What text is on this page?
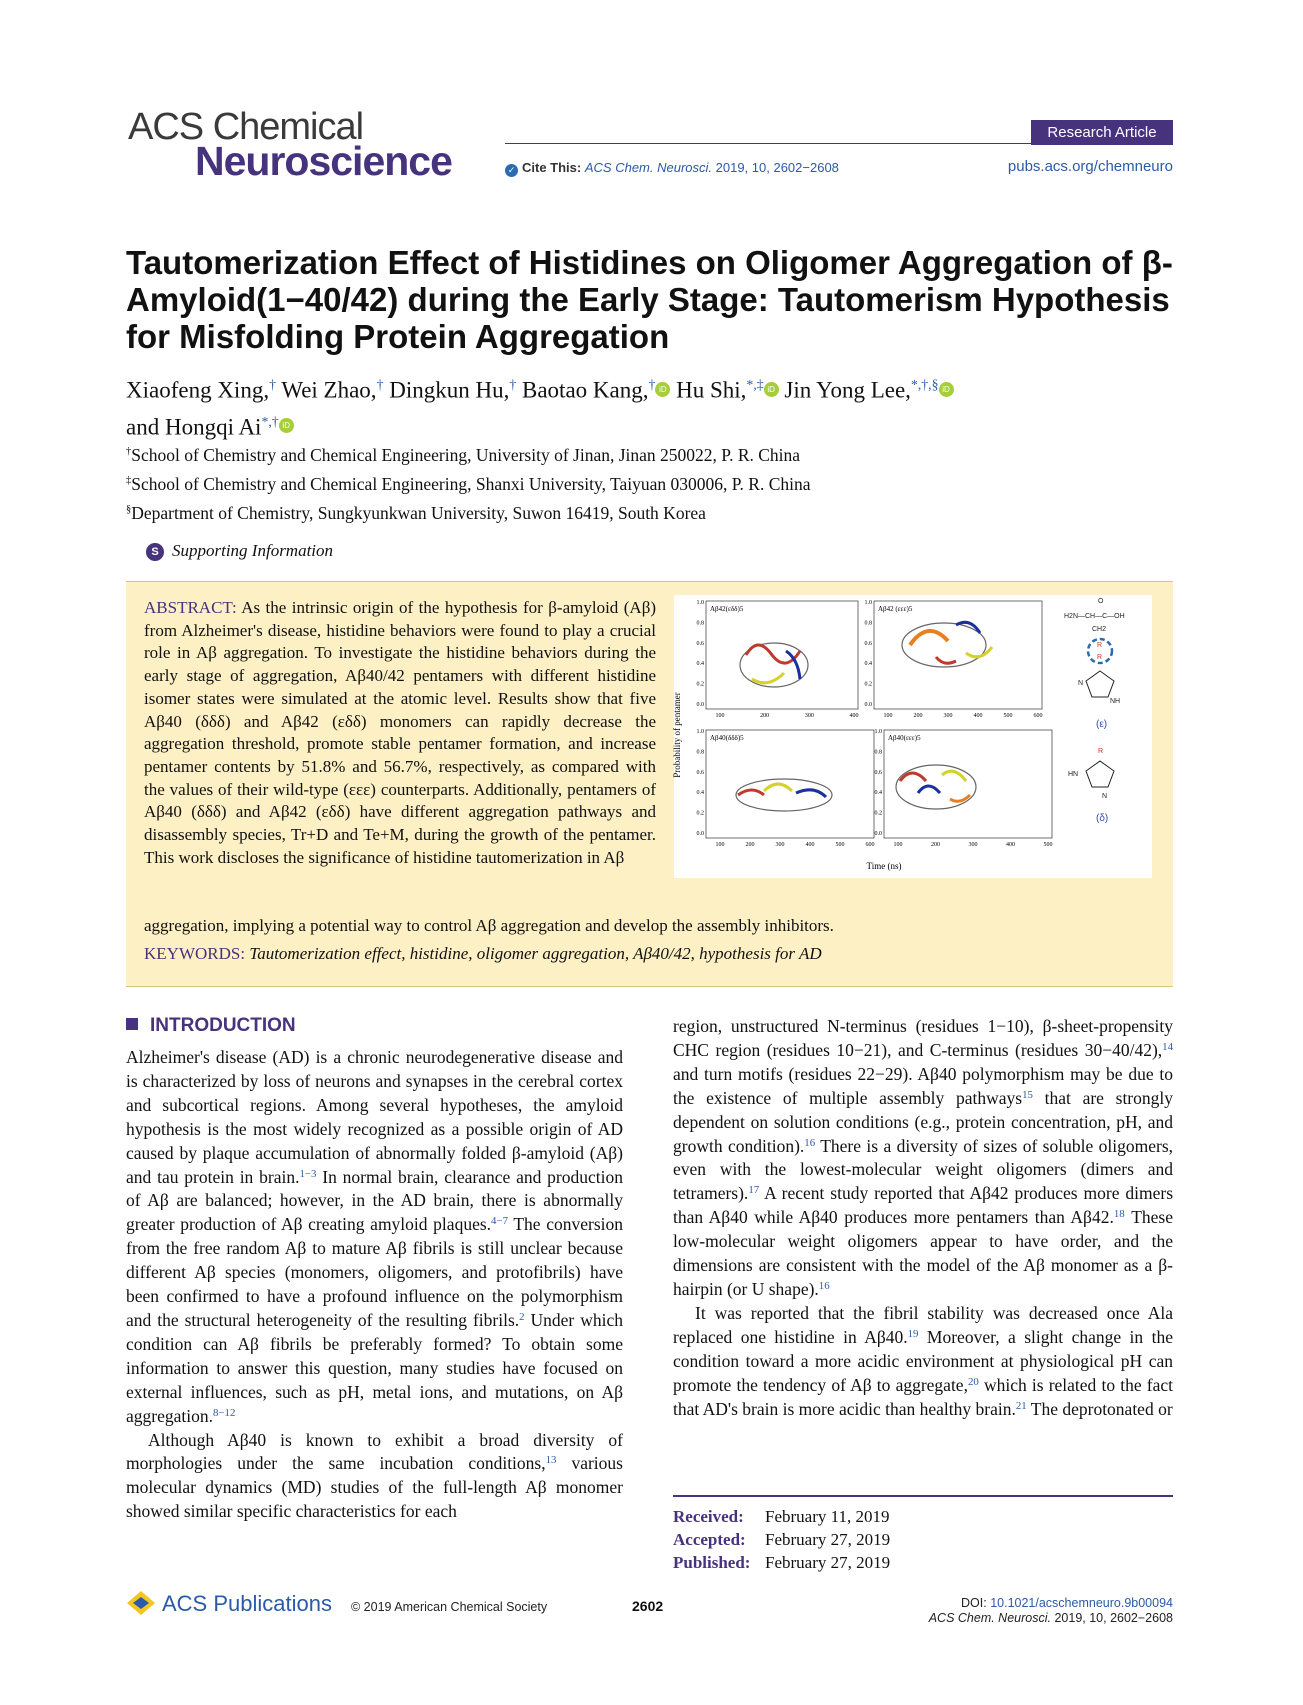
ACS Chemical
Neuroscience
Research Article
✓ Cite This: ACS Chem. Neurosci. 2019, 10, 2602−2608	pubs.acs.org/chemneuro
Tautomerization Effect of Histidines on Oligomer Aggregation of β-Amyloid(1−40/42) during the Early Stage: Tautomerism Hypothesis for Misfolding Protein Aggregation
Xiaofeng Xing,† Wei Zhao,† Dingkun Hu,† Baotao Kang,† iD Hu Shi,*,‡ iD Jin Yong Lee,*,†,§ iD
and Hongqi Ai*,† iD
†School of Chemistry and Chemical Engineering, University of Jinan, Jinan 250022, P. R. China
‡School of Chemistry and Chemical Engineering, Shanxi University, Taiyuan 030006, P. R. China
§Department of Chemistry, Sungkyunkwan University, Suwon 16419, South Korea
S Supporting Information
ABSTRACT: As the intrinsic origin of the hypothesis for β-amyloid (Aβ) from Alzheimer's disease, histidine behaviors were found to play a crucial role in Aβ aggregation. To investigate the histidine behaviors during the early stage of aggregation, Aβ40/42 pentamers with different histidine isomer states were simulated at the atomic level. Results show that five Aβ40 (δδδ) and Aβ42 (εδδ) monomers can rapidly decrease the aggregation threshold, promote stable pentamer formation, and increase pentamer contents by 51.8% and 56.7%, respectively, as compared with the values of their wild-type (εεε) counterparts. Additionally, pentamers of Aβ40 (δδδ) and Aβ42 (εδδ) have different aggregation pathways and disassembly species, Tr+D and Te+M, during the growth of the pentamer. This work discloses the significance of histidine tautomerization in Aβ
aggregation, implying a potential way to control Aβ aggregation and develop the assembly inhibitors.
KEYWORDS: Tautomerization effect, histidine, oligomer aggregation, Aβ40/42, hypothesis for AD
Probability of pentamer
Time (ns)
1.0
0.8
0.6
0.4
0.2
0.0
100	200	300	400
1.0
0.8
0.6
0.4
0.2
0.0
100	200	300	400	500	600
1.0
0.8
0.6
0.4
0.2
0.0
100	200	300	400	500	600
1.0
0.8
0.6
0.4
0.2
0.0
100	200	300	400	500
Aβ42(εδδ)5	Aβ42 (εεε)5
Aβ40(δδδ)5	Aβ40(εεε)5
O
H2N—CH—C—OH
CH2
R
R
N
NH
(ε)
R
HN
N
(δ)
INTRODUCTION

Alzheimer's disease (AD) is a chronic neurodegenerative disease and is characterized by loss of neurons and synapses in the cerebral cortex and subcortical regions. Among several hypotheses, the amyloid hypothesis is the most widely recognized as a possible origin of AD caused by plaque accumulation of abnormally folded β-amyloid (Aβ) and tau protein in brain.$^{1-3}$ In normal brain, clearance and production of Aβ are balanced; however, in the AD brain, there is abnormally greater production of Aβ creating amyloid plaques.$^{4-7}$ The conversion from the free random Aβ to mature Aβ fibrils is still unclear because different Aβ species (monomers, oligomers, and protofibrils) have been confirmed to have a profound influence on the polymorphism and the structural heterogeneity of the resulting fibrils.$^2$ Under which condition can Aβ fibrils be preferably formed? To obtain some information to answer this question, many studies have focused on external influences, such as pH, metal ions, and mutations, on Aβ aggregation.$^{8-12}$

Although Aβ40 is known to exhibit a broad diversity of morphologies under the same incubation conditions,$^{13}$ various molecular dynamics (MD) studies of the full-length Aβ monomer showed similar specific characteristics for each

region, unstructured N-terminus (residues 1−10), β-sheet-propensity CHC region (residues 10−21), and C-terminus (residues 30−40/42),$^{14}$ and turn motifs (residues 22−29). Aβ40 polymorphism may be due to the existence of multiple assembly pathways$^{15}$ that are strongly dependent on solution conditions (e.g., protein concentration, pH, and growth condition).$^{16}$ There is a diversity of sizes of soluble oligomers, even with the lowest-molecular weight oligomers (dimers and tetramers).$^{17}$ A recent study reported that Aβ42 produces more dimers than Aβ40 while Aβ40 produces more pentamers than Aβ42.18 These low-molecular weight oligomers appear to have order, and the dimensions are consistent with the model of the Aβ monomer as a β-hairpin (or U shape).$^{16}$

It was reported that the fibril stability was decreased once Ala replaced one histidine in Aβ40.19 Moreover, a slight change in the condition toward a more acidic environment at physiological pH can promote the tendency of Aβ to aggregate,$^{20}$ which is related to the fact that AD's brain is more acidic than healthy brain.$^{21}$ The deprotonated or

Received: February 11, 2019
Accepted: February 27, 2019
Published: February 27, 2019
ACS Publications © 2019 American Chemical Society	2602	DOI: 10.1021/acschemneuro.9b00094
ACS Chem. Neurosci. 2019, 10, 2602−2608
